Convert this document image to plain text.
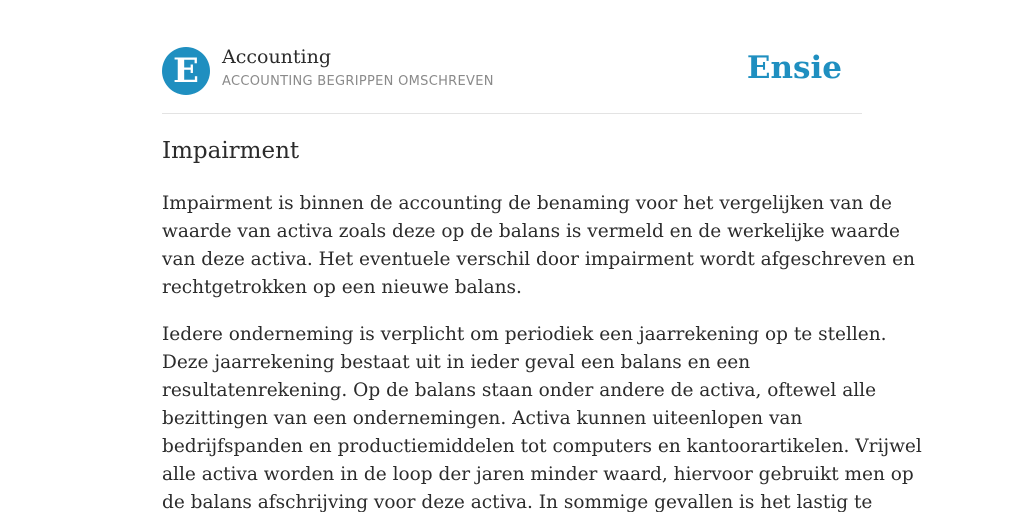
E	Accounting
ACCOUNTING BEGRIPPEN OMSCHREVEN	Ensie
Impairment

Impairment is binnen de accounting de benaming voor het vergelijken van de
waarde van activa zoals deze op de balans is vermeld en de werkelijke waarde
van deze activa. Het eventuele verschil door impairment wordt afgeschreven en
rechtgetrokken op een nieuwe balans.

Iedere onderneming is verplicht om periodiek een jaarrekening op te stellen.
Deze jaarrekening bestaat uit in ieder geval een balans en een
resultatenrekening. Op de balans staan onder andere de activa, oftewel alle
bezittingen van een ondernemingen. Activa kunnen uiteenlopen van
bedrijfspanden en productiemiddelen tot computers en kantoorartikelen. Vrijwel
alle activa worden in de loop der jaren minder waard, hiervoor gebruikt men op
de balans afschrijving voor deze activa. In sommige gevallen is het lastig te
